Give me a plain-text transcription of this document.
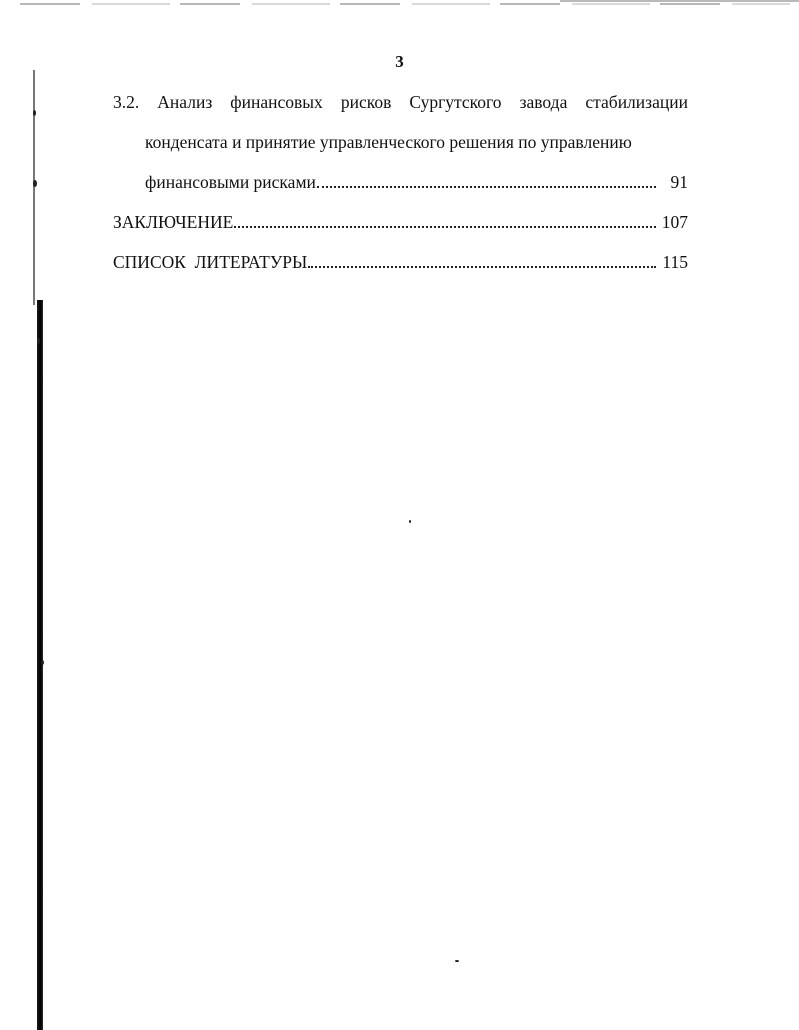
3
3.2. Анализ финансовых рисков Сургутского завода стабилизации
конденсата и принятие управленческого решения по управлению
финансовыми рисками	91
ЗАКЛЮЧЕНИЕ	107
СПИСОК  ЛИТЕРАТУРЫ	115
